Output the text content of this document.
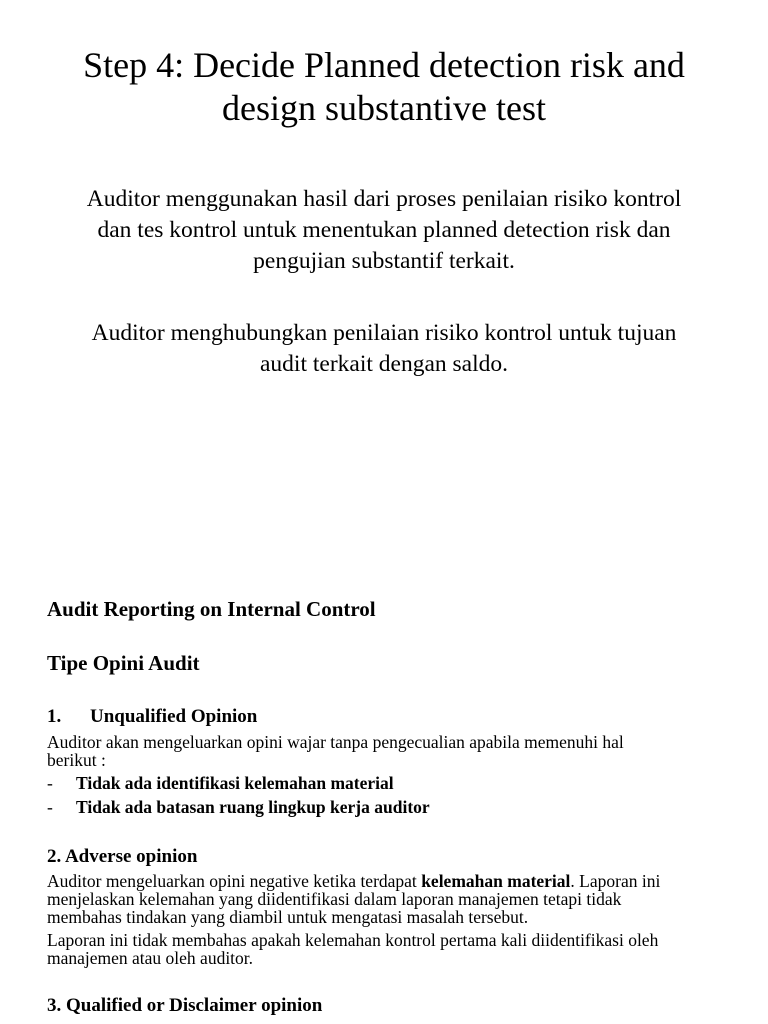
Step 4: Decide Planned detection risk and
design substantive test

Auditor menggunakan hasil dari proses penilaian risiko kontrol
dan tes kontrol untuk menentukan planned detection risk dan
pengujian substantif terkait.

Auditor menghubungkan penilaian risiko kontrol untuk tujuan
audit terkait dengan saldo.

Audit Reporting on Internal Control
Tipe Opini Audit
1. Unqualified Opinion
Auditor akan mengeluarkan opini wajar tanpa pengecualian apabila memenuhi hal
berikut :
- Tidak ada identifikasi kelemahan material
- Tidak ada batasan ruang lingkup kerja auditor
2. Adverse opinion
Auditor mengeluarkan opini negative ketika terdapat kelemahan material. Laporan ini
menjelaskan kelemahan yang diidentifikasi dalam laporan manajemen tetapi tidak
membahas tindakan yang diambil untuk mengatasi masalah tersebut.
Laporan ini tidak membahas apakah kelemahan kontrol pertama kali diidentifikasi oleh
manajemen atau oleh auditor.
3. Qualified or Disclaimer opinion
